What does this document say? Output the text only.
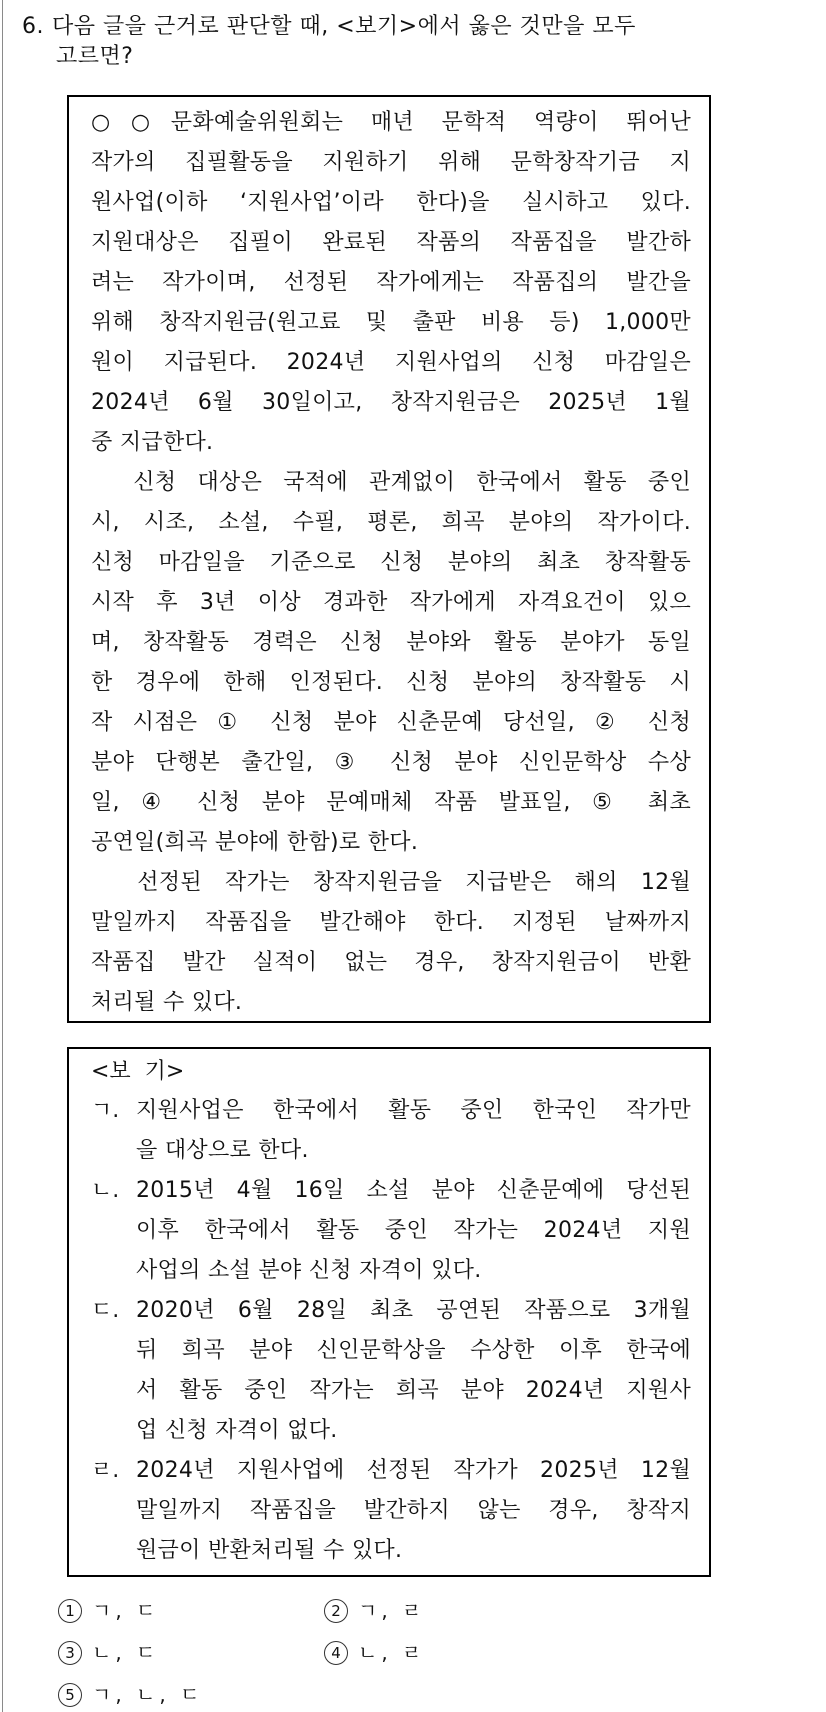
6. 다음 글을 근거로 판단할 때, <보기>에서 옳은 것만을 모두
고르면?
○○문화예술위원회는 매년 문학적 역량이 뛰어난
작가의 집필활동을 지원하기 위해 문학창작기금 지
원사업(이하 ‘지원사업’이라 한다)을 실시하고 있다.
지원대상은 집필이 완료된 작품의 작품집을 발간하
려는 작가이며, 선정된 작가에게는 작품집의 발간을
위해 창작지원금(원고료 및 출판 비용 등) 1,000만
원이 지급된다. 2024년 지원사업의 신청 마감일은
2024년 6월 30일이고, 창작지원금은 2025년 1월
중 지급한다.
신청 대상은 국적에 관계없이 한국에서 활동 중인
시, 시조, 소설, 수필, 평론, 희곡 분야의 작가이다.
신청 마감일을 기준으로 신청 분야의 최초 창작활동
시작 후 3년 이상 경과한 작가에게 자격요건이 있으
며, 창작활동 경력은 신청 분야와 활동 분야가 동일
한 경우에 한해 인정된다. 신청 분야의 창작활동 시
작 시점은 ① 신청 분야 신춘문예 당선일, ② 신청
분야 단행본 출간일, ③ 신청 분야 신인문학상 수상
일, ④ 신청 분야 문예매체 작품 발표일, ⑤ 최초
공연일(희곡 분야에 한함)로 한다.
선정된 작가는 창작지원금을 지급받은 해의 12월
말일까지 작품집을 발간해야 한다. 지정된 날짜까지
작품집 발간 실적이 없는 경우, 창작지원금이 반환
처리될 수 있다.
<보  기>
ㄱ. 지원사업은 한국에서 활동 중인 한국인 작가만
을 대상으로 한다.
ㄴ. 2015년 4월 16일 소설 분야 신춘문예에 당선된
이후 한국에서 활동 중인 작가는 2024년 지원
사업의 소설 분야 신청 자격이 있다.
ㄷ. 2020년 6월 28일 최초 공연된 작품으로 3개월
뒤 희곡 분야 신인문학상을 수상한 이후 한국에
서 활동 중인 작가는 희곡 분야 2024년 지원사
업 신청 자격이 없다.
ㄹ. 2024년 지원사업에 선정된 작가가 2025년 12월
말일까지 작품집을 발간하지 않는 경우, 창작지
원금이 반환처리될 수 있다.
1 ㄱ, ㄷ	2 ㄱ, ㄹ
3 ㄴ, ㄷ	4 ㄴ, ㄹ
5 ㄱ, ㄴ, ㄷ
